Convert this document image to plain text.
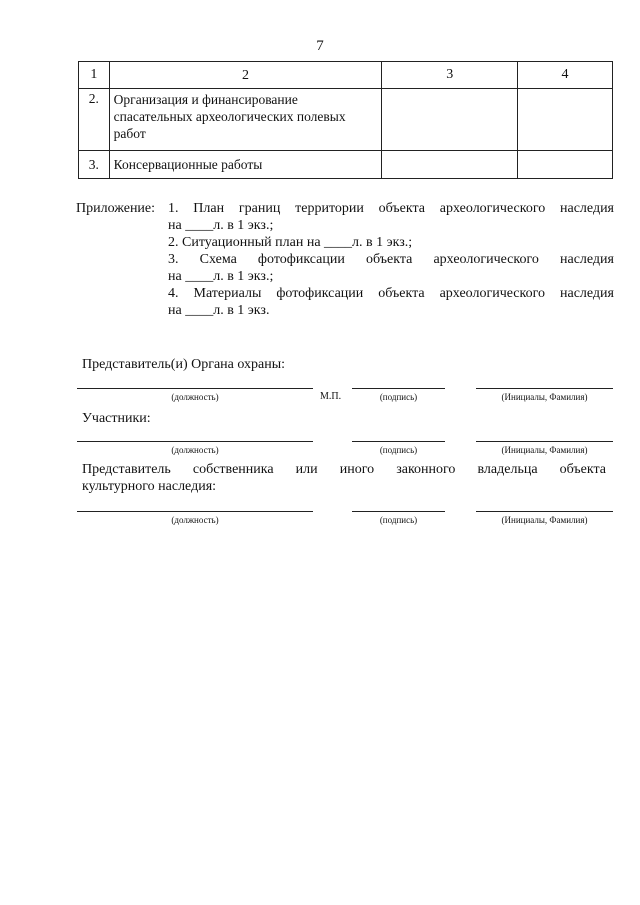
7
1	2	3	4
2.	Организация и финансирование спасательных археологических полевых работ		
3.	Консервационные работы		
Приложение: 1. План границ территории объекта археологического наследия
на ____л. в 1 экз.;
2. Ситуационный план на ____л. в 1 экз.;
3. Схема фотофиксации объекта археологического наследия
на ____л. в 1 экз.;
4. Материалы фотофиксации объекта археологического наследия
на ____л. в 1 экз.
Представитель(и) Органа охраны:
(должность)	М.П.	(подпись)	(Инициалы, Фамилия)
Участники:
(должность)	(подпись)	(Инициалы, Фамилия)
Представитель собственника или иного законного владельца объекта
культурного наследия:
(должность)	(подпись)	(Инициалы, Фамилия)
